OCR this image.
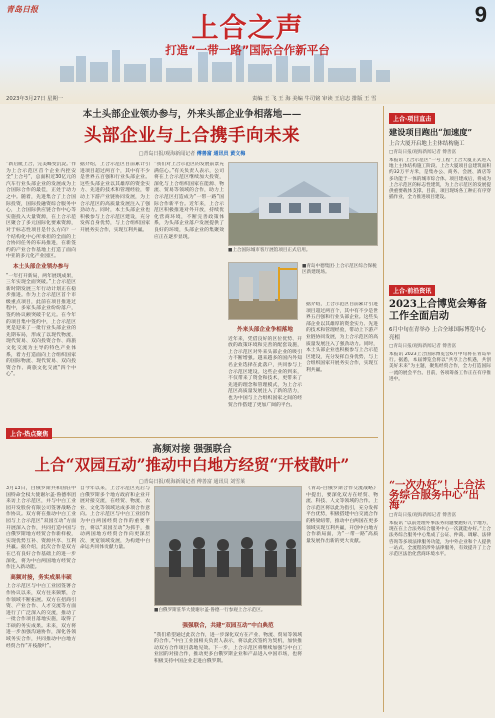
青岛日报
上合之声
打造“一带一路”国际合作新平台
9
2023年3月27日 星期一	责编 王 飞 王 海 美编 牛司铭 审读 王启志 排版 王 雪
本土头部企业领办参与，外来头部企业争相落地——
头部企业与上合携手向未来
□青岛日报/观海新闻记者 傅善富 通讯员 黄文梅
“新启航上合，完美蝶变沉淀。”作为上合示范区首个企业内控安全“上合号”，总面积近30亿元的汽车行业头部企业的发展成为上合国际合作的最佳，正处于动力之中。随着，先进集合了上合国际投资，国际投融资综合服务中心，上合国际供应链合作中心等实施投入大量资源，在上合示范区聚合了多元国际化要素资源，对于标志性项目是什么方向？一个结构化中心所承担的全面的上合协同任务的布局推进，在新签约的产业合作基地上打造了面向中亚的多元化产业园区。
本土头部企业领办参与
“一年打开新局，两年展现成果，三年实现全面突破。”上合示范区新时期发展三年行动计划正在稳步推进。作为上合示范区首个市级重点项目，此前在项目推进过程中，多家头部企业纷纷落户，签约协议额突破千亿元。在今年的项目集中签约中，上合示范区更是迎来了一批行业头部企业的先期布局，形成了以现代物流、现代贸易、双向投资合作、商旅文化交流为主导的特色产业体系，着力打造面向上合组织国家的国际物流、现代贸易、双向投资合作、商旅文化交流“四个中心”。
据介绍，上合示范区目前累计引进项目超过两百个，其中有不少是世界五百强和行业头部企业。这些头部企业以其雄厚的资金实力、先进的技术和管理经验，带动上下游产业链协同发展，为上合示范区的高质量发展注入了强劲动力。同时，本土头部企业也积极参与上合示范区建设，充分发挥自身优势，与上合组织国家开展务实合作，实现互利共赢。
“我们对上合示范区的发展前景充满信心。”有关负责人表示，公司将在上合示范区继续加大投资，深化与上合组织国家在能源、物流、贸易等领域的合作，助力上合示范区打造成为“一带一路”国际合作新平台。近年来，上合示范区积极推进对外开放，持续优化营商环境，不断完善政策体系，为头部企业落户发展提供了良好的环境，头部企业的集聚效应正在逐步显现。
■上合国际城市客厅展馆项目正式启用。
■青岛中德集团·上合示范区综合保税区新建现场。
外来头部企业争相落地
近年来，凭借良好的区位优势、开放的政策环境和完善的配套设施，上合示范区对外来头部企业的吸引力不断增强。越来越多的国内外知名企业选择在此落户，共同参与上合示范区建设。这些企业的到来，不仅带来了资金和技术，更带来了先进的理念和管理模式，为上合示范区高质量发展注入了新的活力，也为中国与上合组织国家之间的经贸合作搭建了更加广阔的平台。
据介绍，上合示范区目前累计引进项目超过两百个，其中有不少是世界五百强和行业头部企业。这些头部企业以其雄厚的资金实力、先进的技术和管理经验，带动上下游产业链协同发展，为上合示范区的高质量发展注入了强劲动力。同时，本土头部企业也积极参与上合示范区建设，充分发挥自身优势，与上合组织国家开展务实合作，实现互利共赢。
上合·热点聚焦
高频对接 强强联合
上合“双园互动”推动中白地方经贸“开枝散叶”
□青岛日报/观海新闻记者 傅善富 通讯员 刘雪莱
3月13日，白俄罗斯共和国驻中国特命全权大使谢尔盖·鲁德率团来访上合示范区，并与中白工业园开发股份有限公司签署战略合作协议。双方将在推动中白工业园与上合示范区“双园互动”方面开展深入合作，共同打造中国与白俄罗斯地方经贸合作新样板，实现优势互补、资源共享、互利共赢。据介绍，此次合作是双方在已有良好合作基础上的进一步深化，将为中白两国地方经贸合作注入新动能。
高频对接，务实成果丰硕
上合示范区与中白工业园签署合作协议以来，双方往来频繁，合作领域不断拓展。双方在招商引资、产业合作、人才交流等方面进行了广泛深入的交流，推动了一批合作项目落地实施，取得了丰硕的务实成果。未来，双方将进一步加强沟通协作，深化各领域务实合作，共同推动中白地方经贸合作“开枝散叶”。
自今年以来，上合示范区先后与白俄罗斯多个地方政府和企业开展对接交流，在经贸、物流、农业、文化等领域达成多项合作意向。上合示范区与中白工业园作为中白两国经贸合作的重要平台，将以“双园互动”为抓手，推动两国地方经贸合作向更深层次、更宽领域发展，为构建中白命运共同体贡献力量。
■白俄罗斯驻华大使谢尔盖·鲁德一行参观上合示范区。
强强联合，共建“双园互动”中白典范
“我们希望通过此次合作，进一步深化双方在产业、物流、贸易等领域的合作。”中白工业园相关负责人表示，将以此次签约为契机，加快推动双方合作项目落地见效。下一步，上合示范区将继续加强与中白工业园的对接合作，推动更多白俄罗斯企业和产品进入中国市场，也将积极支持中国企业走进白俄罗斯。
《青岛-白俄罗斯合作交流战略》中提出，要深化双方在经贸、物流、科技、人文等领域的合作。上合示范区将以此为指引，充分发挥平台优势，积极搭建中白交流合作的桥梁纽带，推动中白两国在更多领域实现互利共赢，开创中白地方合作新局面，为“一带一路”高质量发展作出新的更大贡献。
上合·项目直击
建设项目跑出“加速度”
上合大厦开启地上主体结构施工
□青岛日报/观海新闻记者 傅善富
本报讯 上合示范区“一号工程”上合大厦正式进入地上主体结构施工阶段。上合大厦项目总建筑面积约32万平方米，是集办公、商务、会展、酒店等多功能于一体的城市综合体。项目建成后，将成为上合示范区的标志性建筑，为上合示范区的发展提供重要载体支撑。目前，项目现场各工种正有序穿插作业，全力推进项目建设。
上合·前沿资讯
2023上合博览会筹备工作全面启动
6月中旬在青举办 上合全球国际博览中心亮相
□青岛日报/观海新闻记者 傅善富
本报讯 2023上合国际博览会6月中旬将在青岛举行。据悉，本届博览会将以“共享上合机遇，共创美好未来”为主题，聚焦经贸合作，全力打造国际一流的展会平台。目前，各项筹备工作正在有序推进中。
“一次办好”！上合法务综合服务中心“出海”
□青岛日报/观海新闻记者 傅善富
本报讯 “以前处理外事法务问题要跑好几个地方，现在在上合法务综合服务中心一次就能办好。”上合法务综合服务中心集成了公证、仲裁、调解、法律咨询等多项法律服务功能，为中外企业和个人提供一站式、全流程的涉外法律服务，有效提升了上合示范区法治化营商环境水平。
